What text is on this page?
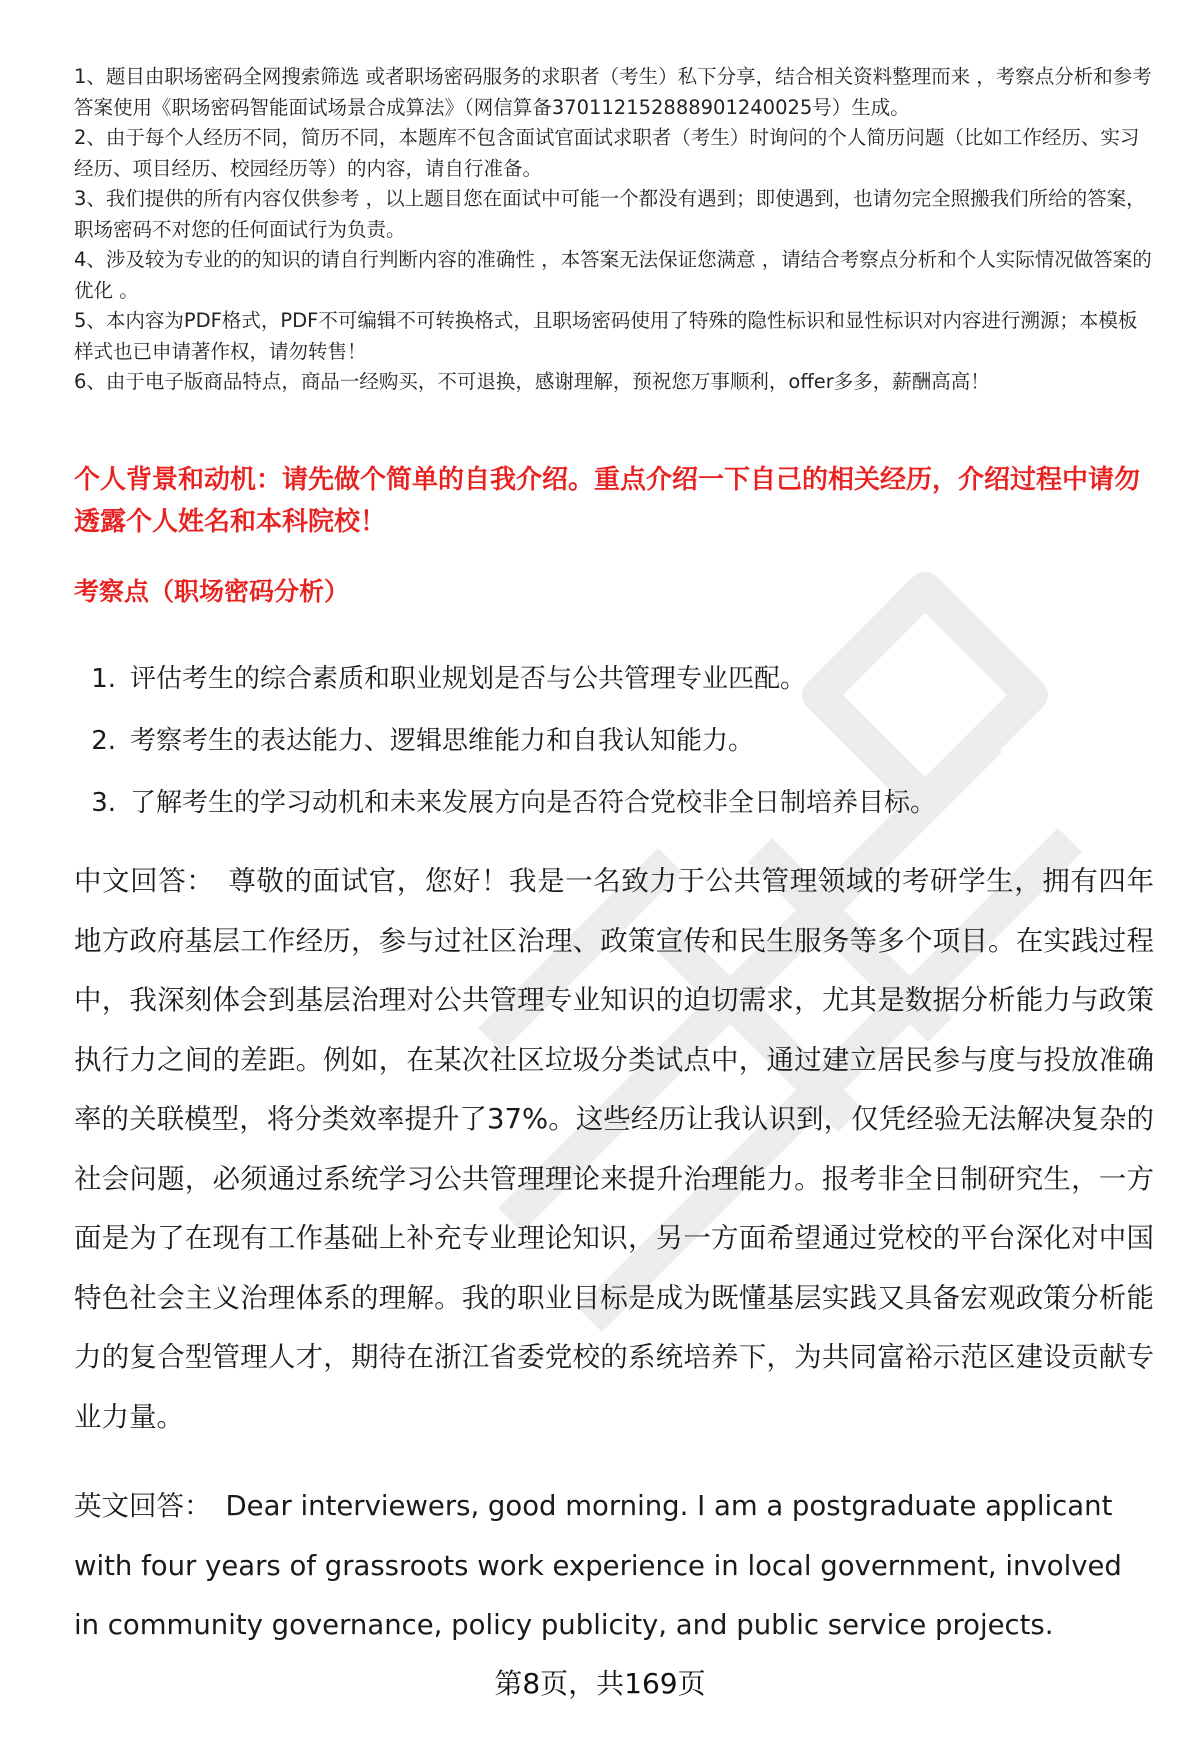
1、题目由职场密码全网搜索筛选 或者职场密码服务的求职者（考生）私下分享，结合相关资料整理而来 ，考察点分析和参考答案使用《职场密码智能面试场景合成算法》（网信算备370112152888901240025号）生成。

2、由于每个人经历不同，简历不同，本题库不包含面试官面试求职者（考生）时询问的个人简历问题（比如工作经历、实习经历、项目经历、校园经历等）的内容，请自行准备。

3、我们提供的所有内容仅供参考 ，以上题目您在面试中可能一个都没有遇到；即使遇到，也请勿完全照搬我们所给的答案，职场密码不对您的任何面试行为负责。

4、涉及较为专业的的知识的请自行判断内容的准确性 ，本答案无法保证您满意 ，请结合考察点分析和个人实际情况做答案的优化 。

5、本内容为PDF格式，PDF不可编辑不可转换格式，且职场密码使用了特殊的隐性标识和显性标识对内容进行溯源；本模板样式也已申请著作权，请勿转售！

6、由于电子版商品特点，商品一经购买，不可退换，感谢理解，预祝您万事顺利，offer多多，薪酬高高！

个人背景和动机：请先做个简单的自我介绍。重点介绍一下自己的相关经历，介绍过程中请勿透露个人姓名和本科院校！

考察点（职场密码分析）

1. 评估考生的综合素质和职业规划是否与公共管理专业匹配。
2. 考察考生的表达能力、逻辑思维能力和自我认知能力。
3. 了解考生的学习动机和未来发展方向是否符合党校非全日制培养目标。

中文回答： 尊敬的面试官，您好！我是一名致力于公共管理领域的考研学生，拥有四年地方政府基层工作经历，参与过社区治理、政策宣传和民生服务等多个项目。在实践过程中，我深刻体会到基层治理对公共管理专业知识的迫切需求，尤其是数据分析能力与政策执行力之间的差距。例如，在某次社区垃圾分类试点中，通过建立居民参与度与投放准确率的关联模型，将分类效率提升了37%。这些经历让我认识到，仅凭经验无法解决复杂的社会问题，必须通过系统学习公共管理理论来提升治理能力。报考非全日制研究生，一方面是为了在现有工作基础上补充专业理论知识，另一方面希望通过党校的平台深化对中国特色社会主义治理体系的理解。我的职业目标是成为既懂基层实践又具备宏观政策分析能力的复合型管理人才，期待在浙江省委党校的系统培养下，为共同富裕示范区建设贡献专业力量。

英文回答： Dear interviewers, good morning. I am a postgraduate applicant with four years of grassroots work experience in local government, involved in community governance, policy publicity, and public service projects.

第8页，共169页
